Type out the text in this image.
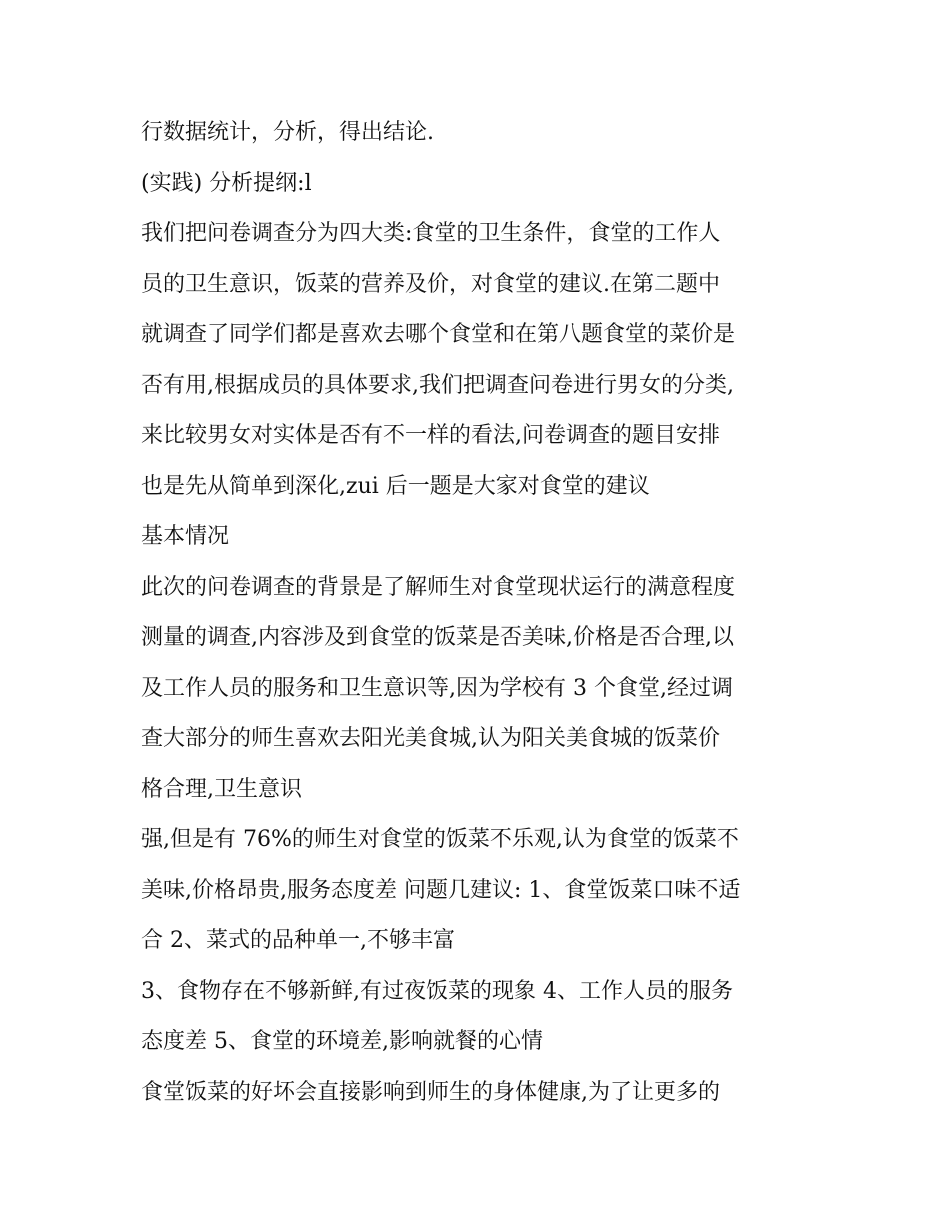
行数据统计，分析，得出结论.
(实践) 分析提纲:l
我们把问卷调查分为四大类:食堂的卫生条件，食堂的工作人
员的卫生意识，饭菜的营养及价，对食堂的建议.在第二题中
就调查了同学们都是喜欢去哪个食堂和在第八题食堂的菜价是
否有用,根据成员的具体要求,我们把调查问卷进行男女的分类,
来比较男女对实体是否有不一样的看法,问卷调查的题目安排
也是先从简单到深化,zui 后一题是大家对食堂的建议
基本情况
此次的问卷调查的背景是了解师生对食堂现状运行的满意程度
测量的调查,内容涉及到食堂的饭菜是否美味,价格是否合理,以
及工作人员的服务和卫生意识等,因为学校有 3 个食堂,经过调
查大部分的师生喜欢去阳光美食城,认为阳关美食城的饭菜价
格合理,卫生意识
强,但是有 76%的师生对食堂的饭菜不乐观,认为食堂的饭菜不
美味,价格昂贵,服务态度差 问题几建议: 1、食堂饭菜口味不适
合 2、菜式的品种单一,不够丰富
3、食物存在不够新鲜,有过夜饭菜的现象 4、工作人员的服务
态度差 5、食堂的环境差,影响就餐的心情
食堂饭菜的好坏会直接影响到师生的身体健康,为了让更多的
